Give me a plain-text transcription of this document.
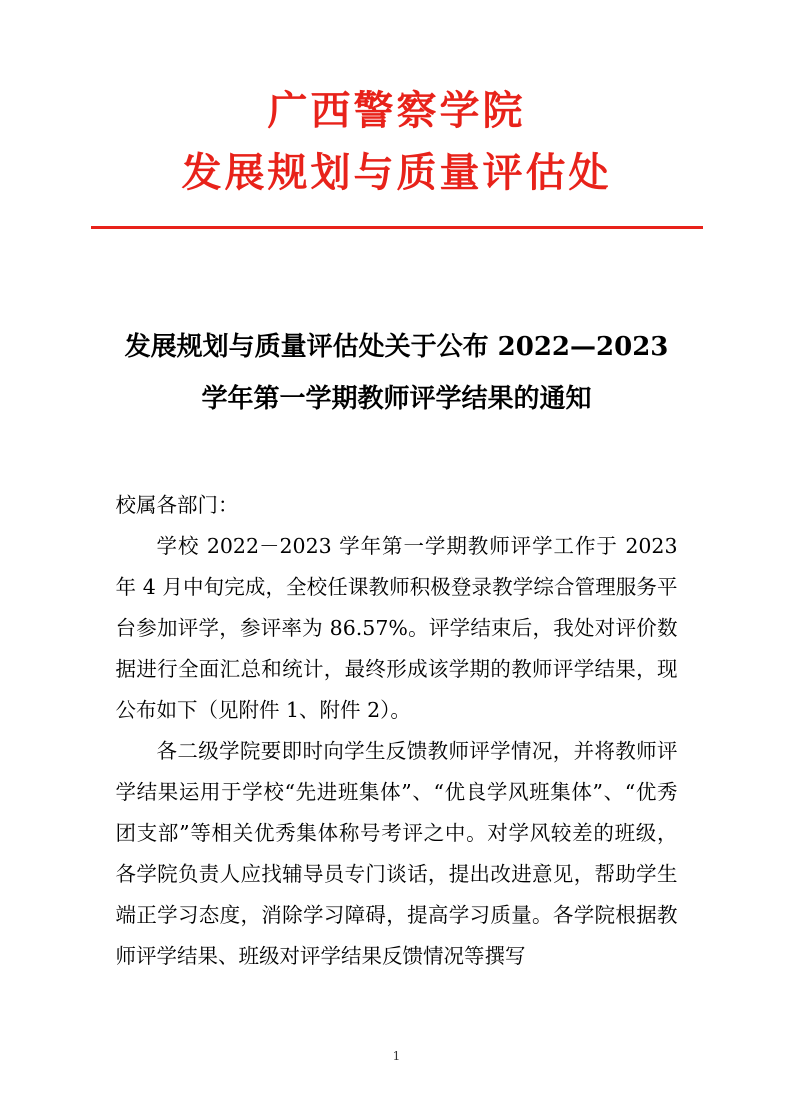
广西警察学院
发展规划与质量评估处
发展规划与质量评估处关于公布 2022—2023 学年第一学期教师评学结果的通知

校属各部门：

学校 2022－2023 学年第一学期教师评学工作于 2023 年 4 月中旬完成，全校任课教师积极登录教学综合管理服务平台参加评学，参评率为 86.57%。评学结束后，我处对评价数据进行全面汇总和统计，最终形成该学期的教师评学结果，现公布如下（见附件 1、附件 2）。

各二级学院要即时向学生反馈教师评学情况，并将教师评学结果运用于学校“先进班集体”、“优良学风班集体”、“优秀团支部”等相关优秀集体称号考评之中。对学风较差的班级，各学院负责人应找辅导员专门谈话，提出改进意见，帮助学生端正学习态度，消除学习障碍，提高学习质量。各学院根据教师评学结果、班级对评学结果反馈情况等撰写

1
